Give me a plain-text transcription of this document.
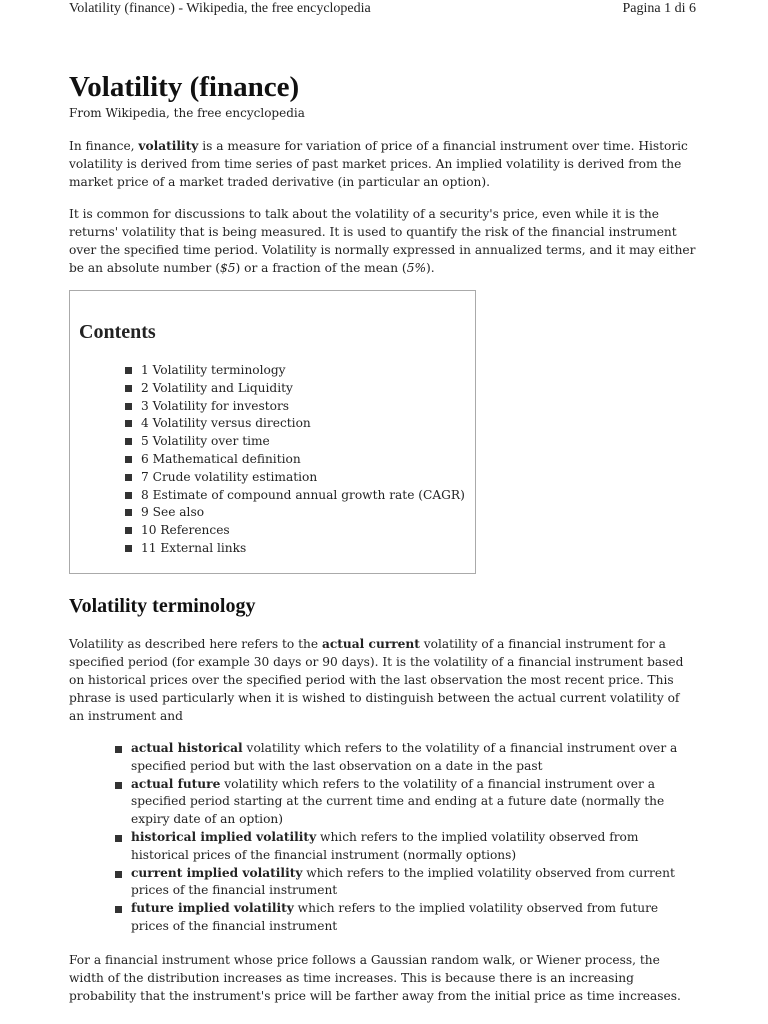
Volatility (finance) - Wikipedia, the free encyclopedia	Pagina 1 di 6
Volatility (finance)
From Wikipedia, the free encyclopedia

In finance, volatility is a measure for variation of price of a financial instrument over time. Historic volatility is derived from time series of past market prices. An implied volatility is derived from the market price of a market traded derivative (in particular an option).

It is common for discussions to talk about the volatility of a security's price, even while it is the returns' volatility that is being measured. It is used to quantify the risk of the financial instrument over the specified time period. Volatility is normally expressed in annualized terms, and it may either be an absolute number ($5) or a fraction of the mean (5%).

Contents
1 Volatility terminology
2 Volatility and Liquidity
3 Volatility for investors
4 Volatility versus direction
5 Volatility over time
6 Mathematical definition
7 Crude volatility estimation
8 Estimate of compound annual growth rate (CAGR)
9 See also
10 References
11 External links
Volatility terminology

Volatility as described here refers to the actual current volatility of a financial instrument for a specified period (for example 30 days or 90 days). It is the volatility of a financial instrument based on historical prices over the specified period with the last observation the most recent price. This phrase is used particularly when it is wished to distinguish between the actual current volatility of an instrument and

actual historical volatility which refers to the volatility of a financial instrument over a specified period but with the last observation on a date in the past
actual future volatility which refers to the volatility of a financial instrument over a specified period starting at the current time and ending at a future date (normally the expiry date of an option)
historical implied volatility which refers to the implied volatility observed from historical prices of the financial instrument (normally options)
current implied volatility which refers to the implied volatility observed from current prices of the financial instrument
future implied volatility which refers to the implied volatility observed from future prices of the financial instrument

For a financial instrument whose price follows a Gaussian random walk, or Wiener process, the width of the distribution increases as time increases. This is because there is an increasing probability that the instrument's price will be farther away from the initial price as time increases.
